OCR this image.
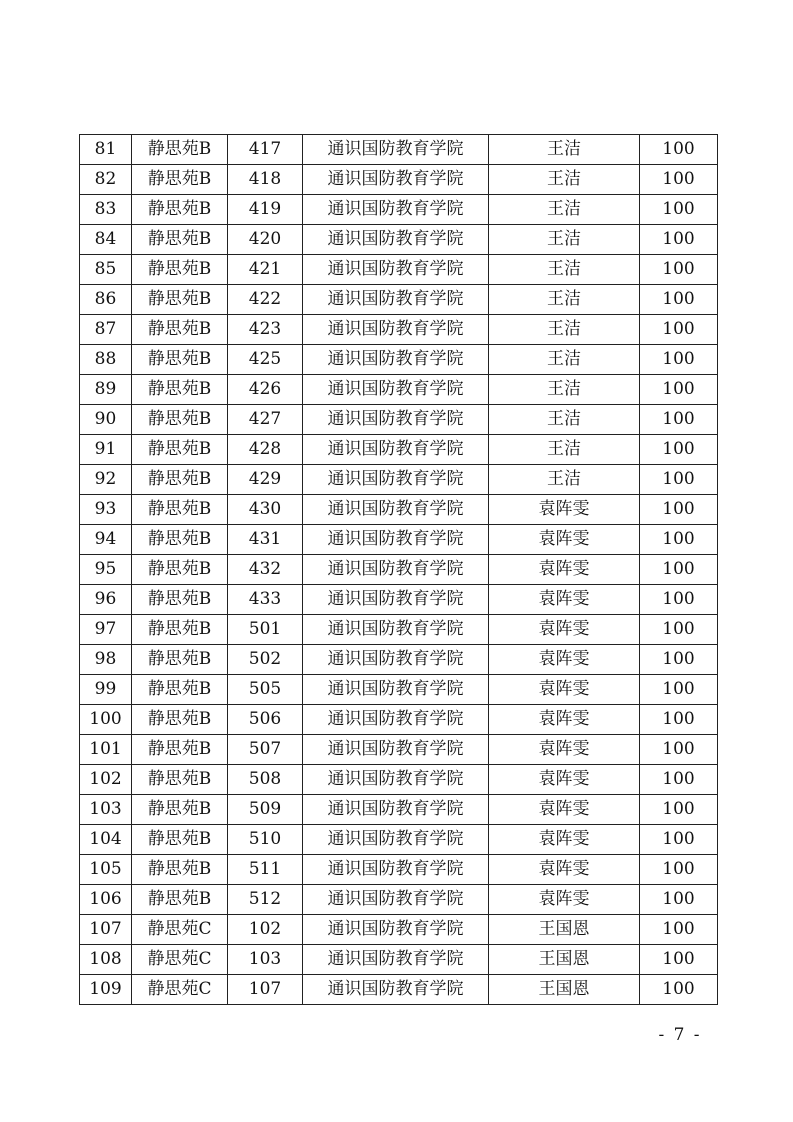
81	静思苑B	417	通识国防教育学院	王洁	100
82	静思苑B	418	通识国防教育学院	王洁	100
83	静思苑B	419	通识国防教育学院	王洁	100
84	静思苑B	420	通识国防教育学院	王洁	100
85	静思苑B	421	通识国防教育学院	王洁	100
86	静思苑B	422	通识国防教育学院	王洁	100
87	静思苑B	423	通识国防教育学院	王洁	100
88	静思苑B	425	通识国防教育学院	王洁	100
89	静思苑B	426	通识国防教育学院	王洁	100
90	静思苑B	427	通识国防教育学院	王洁	100
91	静思苑B	428	通识国防教育学院	王洁	100
92	静思苑B	429	通识国防教育学院	王洁	100
93	静思苑B	430	通识国防教育学院	袁阵雯	100
94	静思苑B	431	通识国防教育学院	袁阵雯	100
95	静思苑B	432	通识国防教育学院	袁阵雯	100
96	静思苑B	433	通识国防教育学院	袁阵雯	100
97	静思苑B	501	通识国防教育学院	袁阵雯	100
98	静思苑B	502	通识国防教育学院	袁阵雯	100
99	静思苑B	505	通识国防教育学院	袁阵雯	100
100	静思苑B	506	通识国防教育学院	袁阵雯	100
101	静思苑B	507	通识国防教育学院	袁阵雯	100
102	静思苑B	508	通识国防教育学院	袁阵雯	100
103	静思苑B	509	通识国防教育学院	袁阵雯	100
104	静思苑B	510	通识国防教育学院	袁阵雯	100
105	静思苑B	511	通识国防教育学院	袁阵雯	100
106	静思苑B	512	通识国防教育学院	袁阵雯	100
107	静思苑C	102	通识国防教育学院	王国恩	100
108	静思苑C	103	通识国防教育学院	王国恩	100
109	静思苑C	107	通识国防教育学院	王国恩	100
- 7 -
